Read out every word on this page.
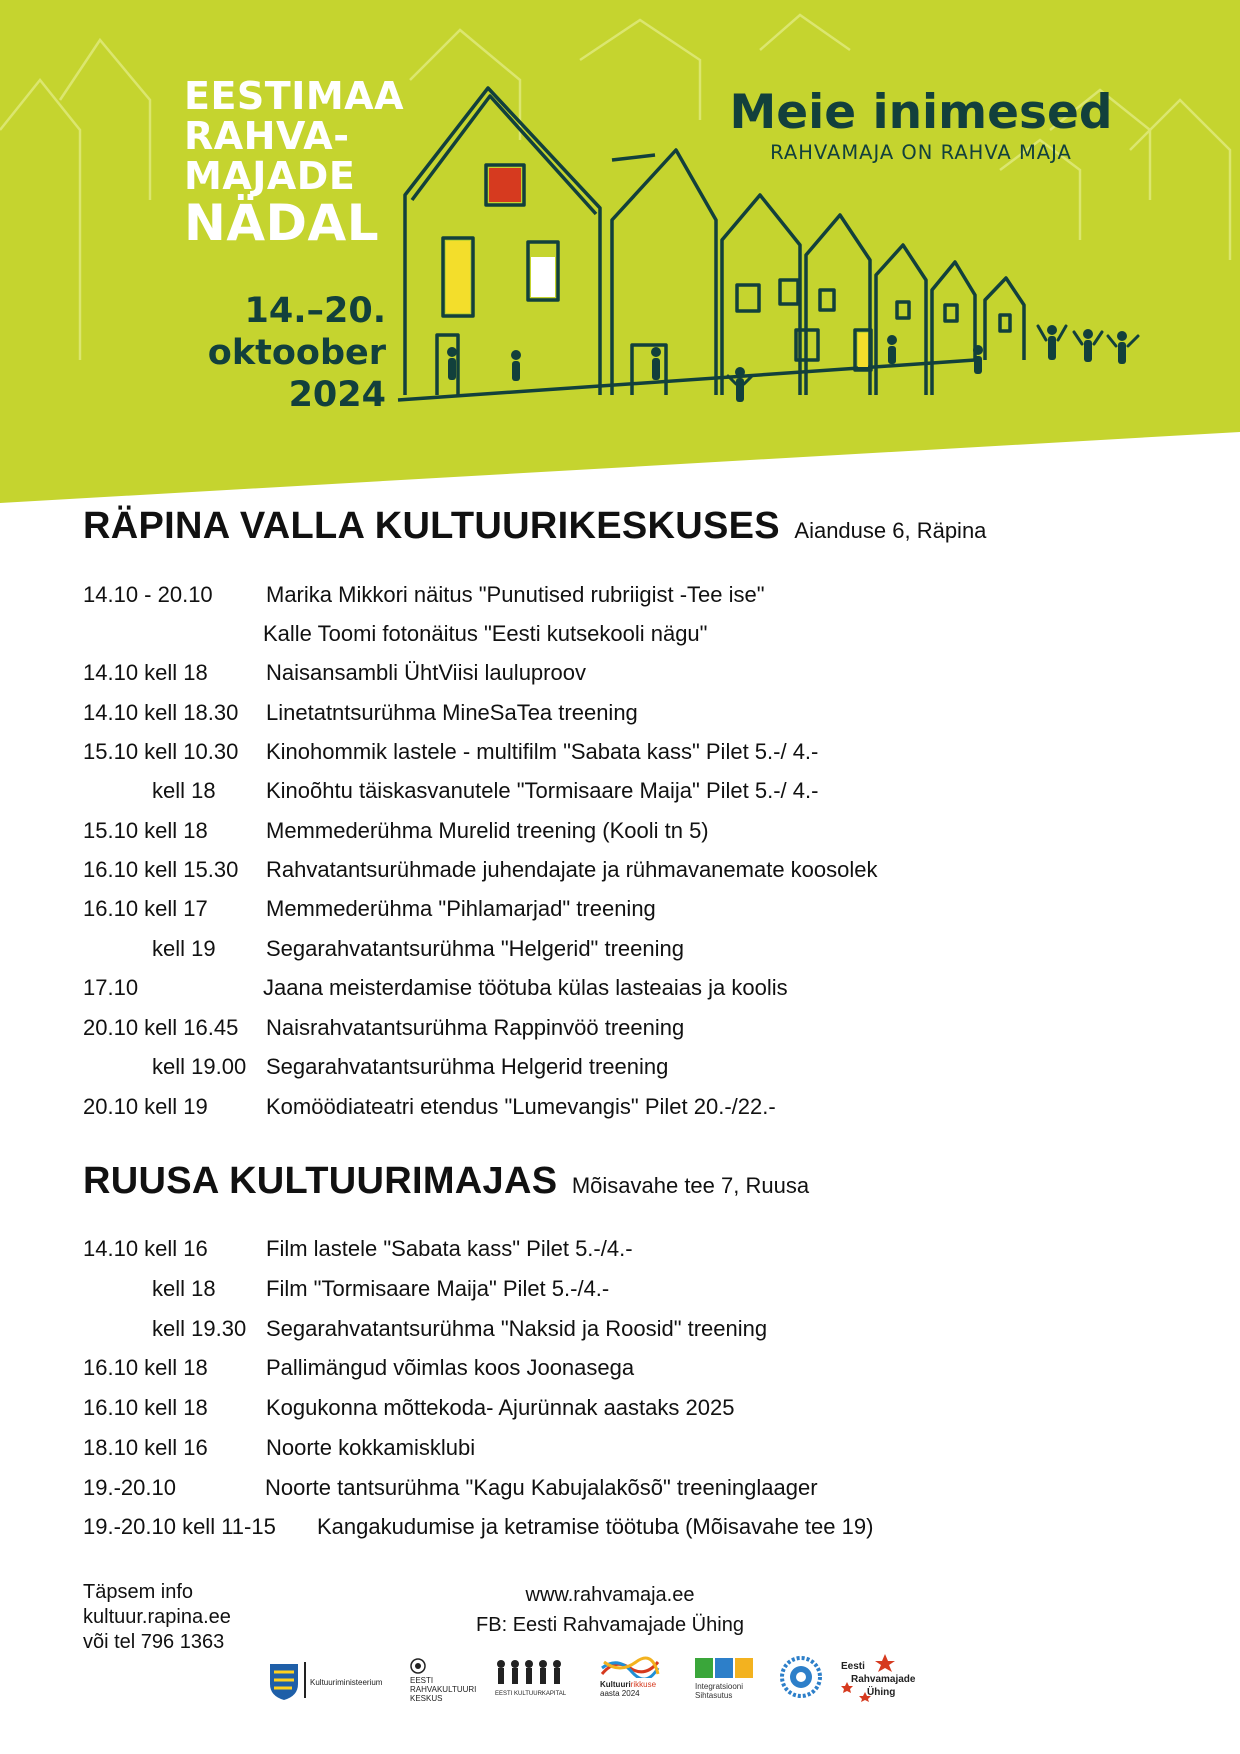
EESTIMAA
RAHVA-
MAJADE
NÄDAL
14.–20. oktoober
2024
Meie inimesed
RAHVAMAJA ON RAHVA MAJA
RÄPINA VALLA KULTUURIKESKUSES Aianduse 6, Räpina
14.10 - 20.10 Marika Mikkori näitus "Punutised rubriigist -Tee ise"
Kalle Toomi fotonäitus "Eesti kutsekooli nägu"
14.10 kell 18	Naisansambli ÜhtViisi lauluproov
14.10 kell 18.30 Linetatntsurühma MineSaTea treening
15.10 kell 10.30 Kinohommik lastele - multifilm "Sabata kass" Pilet 5.-/ 4.-
kell 18 Kinoõhtu täiskasvanutele "Tormisaare Maija" Pilet 5.-/ 4.-
15.10 kell 18	Memmederühma Murelid treening (Kooli tn 5)
16.10 kell 15.30 Rahvatantsurühmade juhendajate ja rühmavanemate koosolek
16.10 kell 17	Memmederühma "Pihlamarjad" treening
kell 19 Segarahvatantsurühma "Helgerid" treening
17.10	Jaana meisterdamise töötuba külas lasteaias ja koolis
20.10 kell 16.45 Naisrahvatantsurühma Rappinvöö treening
kell 19.00 Segarahvatantsurühma Helgerid treening
20.10 kell 19	Komöödiateatri etendus "Lumevangis" Pilet 20.-/22.-
RUUSA KULTUURIMAJAS Mõisavahe tee 7, Ruusa
14.10 kell 16	Film lastele "Sabata kass" Pilet 5.-/4.-
kell 18 Film "Tormisaare Maija" Pilet 5.-/4.-
kell 19.30 Segarahvatantsurühma "Naksid ja Roosid" treening
16.10 kell 18	Pallimängud võimlas koos Joonasega
16.10 kell 18	Kogukonna mõttekoda- Ajurünnak aastaks 2025
18.10 kell 16	Noorte kokkamisklubi
19.-20.10	Noorte tantsurühma "Kagu Kabujalakõsõ" treeninglaager
19.-20.10 kell 11-15 Kangakudumise ja ketramise töötuba (Mõisavahe tee 19)
Täpsem info
kultuur.rapina.ee
või tel 796 1363
www.rahvamaja.ee
FB: Eesti Rahvamajade Ühing
Kultuuriministeerium	EESTI
RAHVAKULTUURI
KESKUS	EESTI KULTUURKAPITAL
Kultuuririkkuse
aasta 2024
Integratsiooni
Sihtasutus
Eesti
Rahvamajade
Ühing
